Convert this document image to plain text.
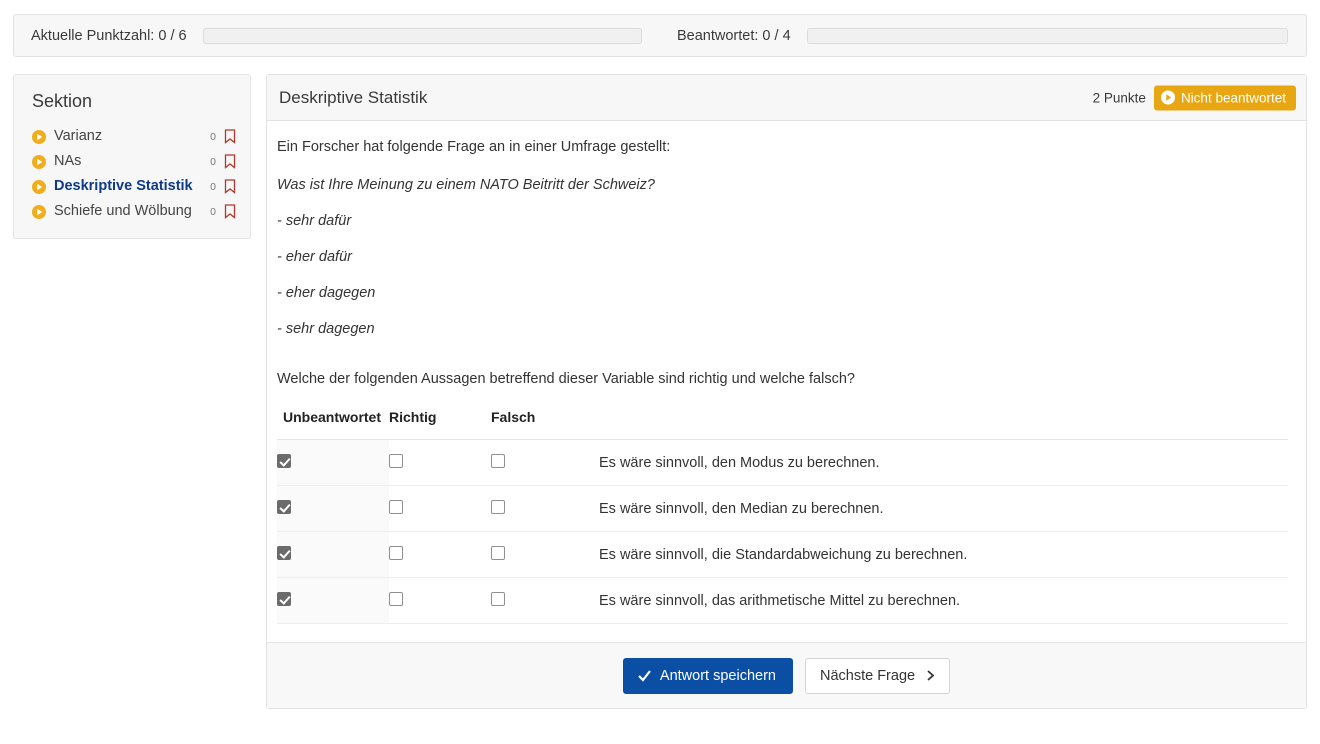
Aktuelle Punktzahl: 0 / 6	Beantwortet: 0 / 4
Sektion
Varianz	0
NAs	0
Deskriptive Statistik	0
Schiefe und Wölbung	0
Deskriptive Statistik	2 Punkte	Nicht beantwortet

Ein Forscher hat folgende Frage an in einer Umfrage gestellt:

Was ist Ihre Meinung zu einem NATO Beitritt der Schweiz?

- sehr dafür

- eher dafür

- eher dagegen

- sehr dagegen

Welche der folgenden Aussagen betreffend dieser Variable sind richtig und welche falsch?

Unbeantwortet	Richtig	Falsch	
			Es wäre sinnvoll, den Modus zu berechnen.
			Es wäre sinnvoll, den Median zu berechnen.
			Es wäre sinnvoll, die Standardabweichung zu berechnen.
			Es wäre sinnvoll, das arithmetische Mittel zu berechnen.
Antwort speichern	Nächste Frage
